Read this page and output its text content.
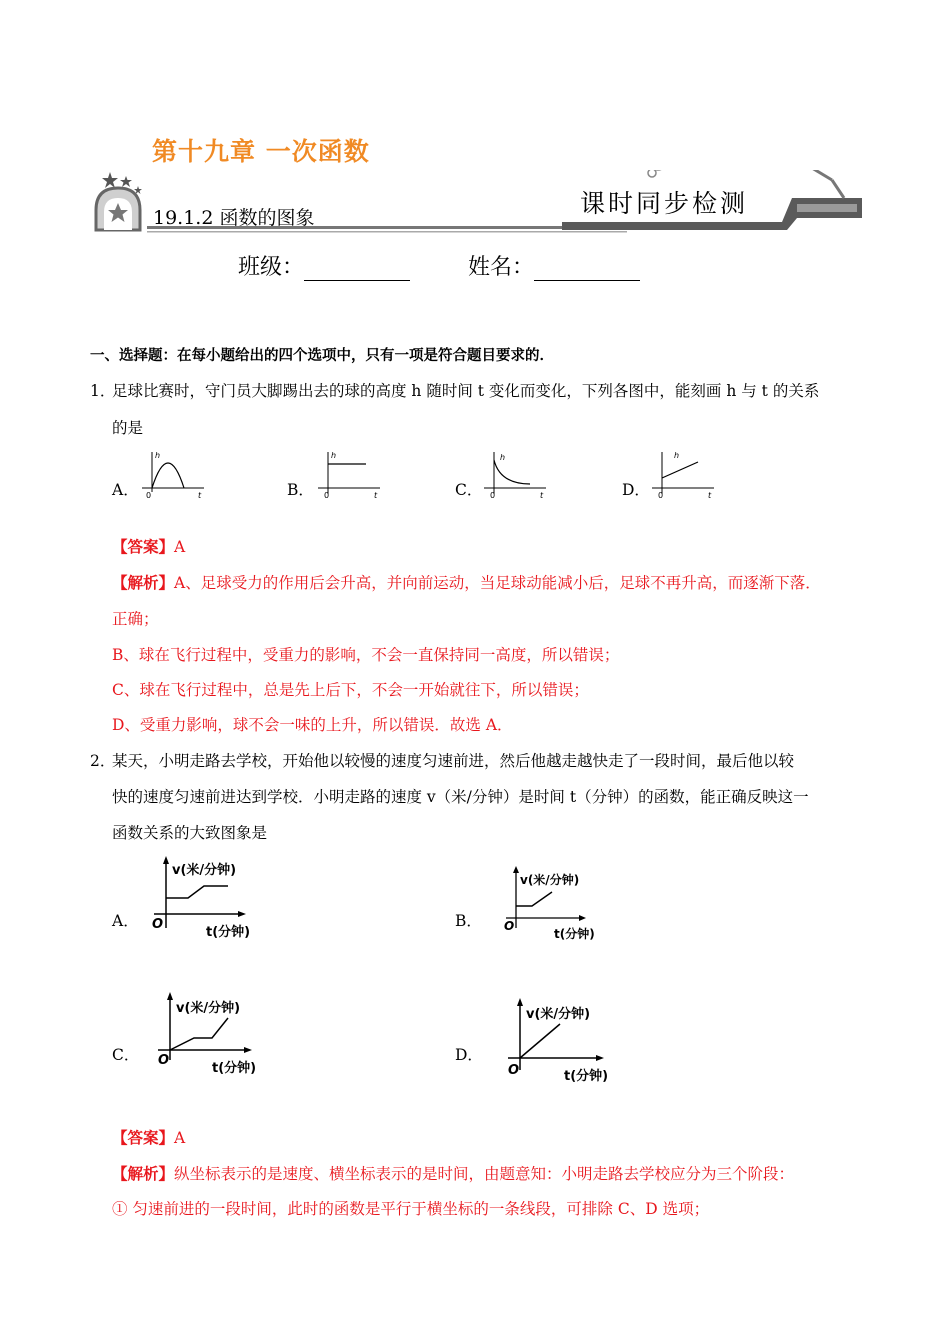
第十九章 一次函数
19.1.2 函数的图象	课时同步检测
班级：	姓名：
一、选择题：在每小题给出的四个选项中，只有一项是符合题目要求的．
1．
足球比赛时，守门员大脚踢出去的球的高度 h 随时间 t 变化而变化，下列各图中，能刻画 h 与 t 的关系
的是
A．	B．	C．	D．
h
0	t
h
0	t
h
0	t
h
0	t
【答案】A
【解析】A、足球受力的作用后会升高，并向前运动，当足球动能减小后，足球不再升高，而逐渐下落．
正确；
B、球在飞行过程中，受重力的影响，不会一直保持同一高度，所以错误；
C、球在飞行过程中，总是先上后下，不会一开始就往下，所以错误；
D、受重力影响，球不会一味的上升，所以错误．故选 A．
2．
某天，小明走路去学校，开始他以较慢的速度匀速前进，然后他越走越快走了一段时间，最后他以较
快的速度匀速前进达到学校．小明走路的速度 v（米/分钟）是时间 t（分钟）的函数，能正确反映这一
函数关系的大致图象是
A．	B．
C．	D．
v(米/分钟)
O
t(分钟)
v(米/分钟)
O
t(分钟)
v(米/分钟)
O
t(分钟)
v(米/分钟)
O	t(分钟)
【答案】A
【解析】纵坐标表示的是速度、横坐标表示的是时间，由题意知：小明走路去学校应分为三个阶段：
① 匀速前进的一段时间，此时的函数是平行于横坐标的一条线段，可排除 C、D 选项；
